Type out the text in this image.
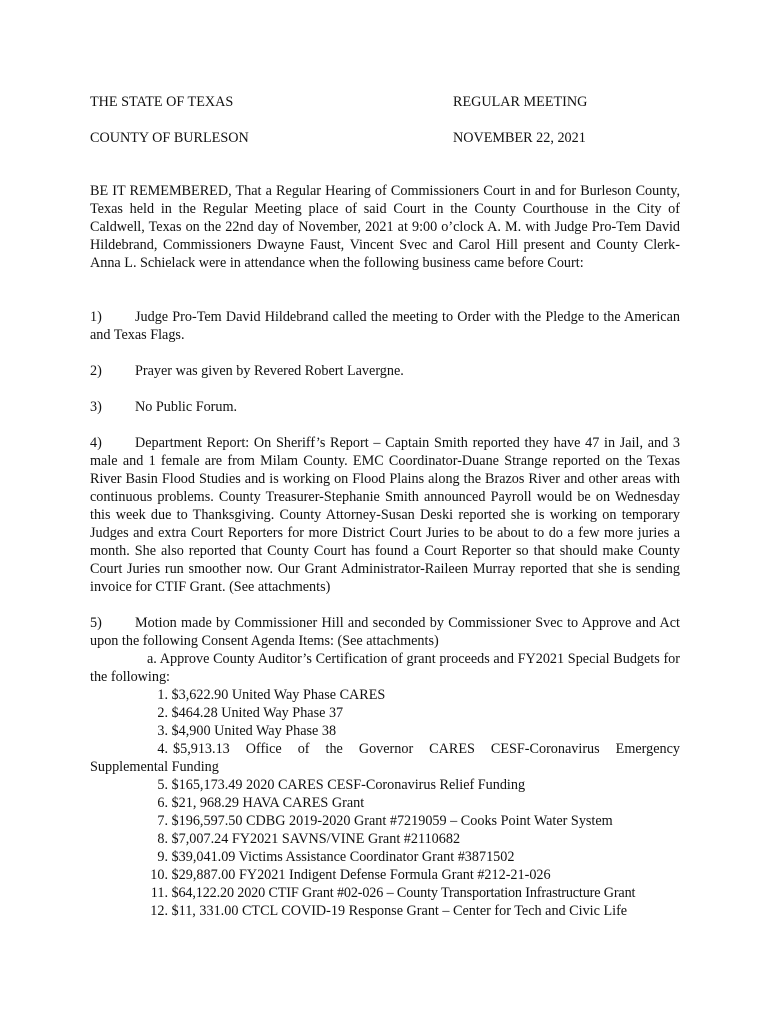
THE STATE OF TEXAS	REGULAR MEETING
COUNTY OF BURLESON	NOVEMBER 22, 2021
BE IT REMEMBERED, That a Regular Hearing of Commissioners Court in and for Burleson County, Texas held in the Regular Meeting place of said Court in the County Courthouse in the City of Caldwell, Texas on the 22nd day of November, 2021 at 9:00 o’clock A. M. with Judge Pro-Tem David Hildebrand, Commissioners Dwayne Faust, Vincent Svec and Carol Hill present and County Clerk-Anna L. Schielack were in attendance when the following business came before Court:
1) Judge Pro-Tem David Hildebrand called the meeting to Order with the Pledge to the American and Texas Flags.
2) Prayer was given by Revered Robert Lavergne.
3) No Public Forum.
4) Department Report: On Sheriff’s Report – Captain Smith reported they have 47 in Jail, and 3 male and 1 female are from Milam County. EMC Coordinator-Duane Strange reported on the Texas River Basin Flood Studies and is working on Flood Plains along the Brazos River and other areas with continuous problems. County Treasurer-Stephanie Smith announced Payroll would be on Wednesday this week due to Thanksgiving. County Attorney-Susan Deski reported she is working on temporary Judges and extra Court Reporters for more District Court Juries to be about to do a few more juries a month. She also reported that County Court has found a Court Reporter so that should make County Court Juries run smoother now. Our Grant Administrator-Raileen Murray reported that she is sending invoice for CTIF Grant. (See attachments)
5) Motion made by Commissioner Hill and seconded by Commissioner Svec to Approve and Act upon the following Consent Agenda Items: (See attachments)
a. Approve County Auditor’s Certification of grant proceeds and FY2021 Special Budgets for the following:
1. $3,622.90 United Way Phase CARES
2. $464.28 United Way Phase 37
3. $4,900 United Way Phase 38
4. $5,913.13 Office of the Governor CARES CESF-Coronavirus Emergency
Supplemental Funding
5. $165,173.49 2020 CARES CESF-Coronavirus Relief Funding
6. $21, 968.29 HAVA CARES Grant
7. $196,597.50 CDBG 2019-2020 Grant #7219059 – Cooks Point Water System
8. $7,007.24 FY2021 SAVNS/VINE Grant #2110682
9. $39,041.09 Victims Assistance Coordinator Grant #3871502
10. $29,887.00 FY2021 Indigent Defense Formula Grant #212-21-026
11. $64,122.20 2020 CTIF Grant #02-026 – County Transportation Infrastructure Grant
12. $11, 331.00 CTCL COVID-19 Response Grant – Center for Tech and Civic Life
